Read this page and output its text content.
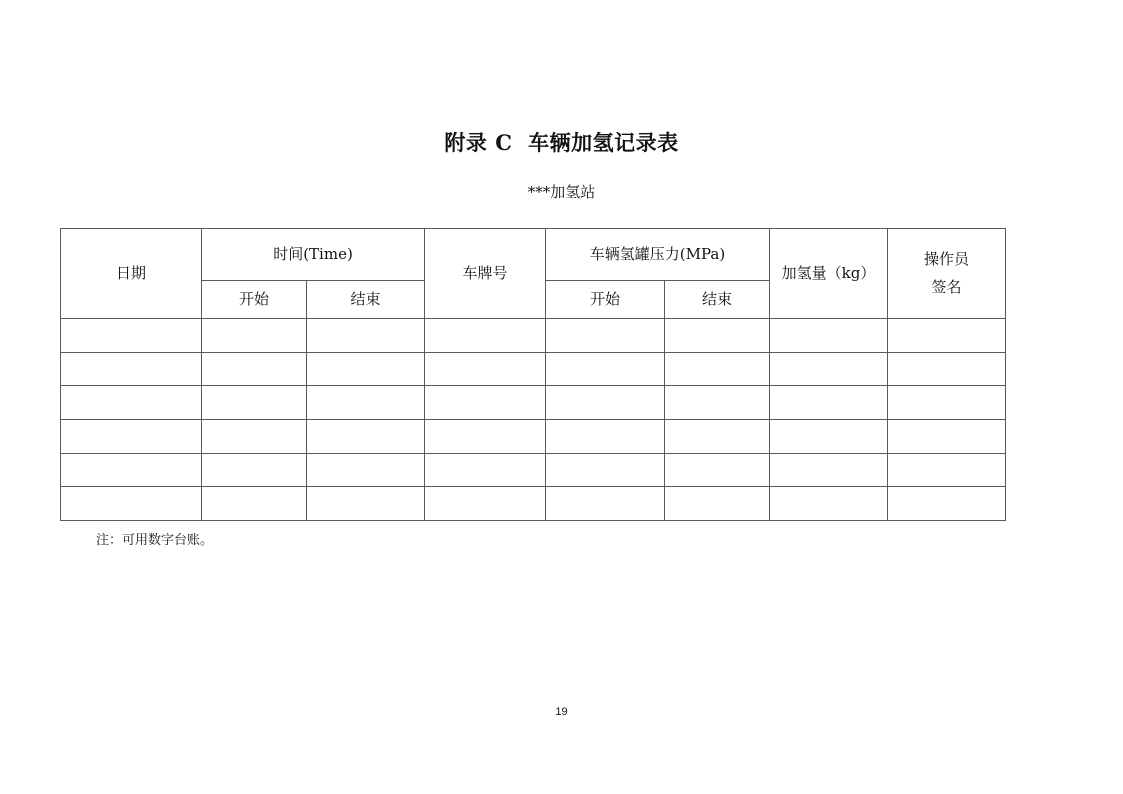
附录 C  车辆加氢记录表
***加氢站
日期	时间(Time)		车牌号	车辆氢罐压力(MPa)		加氢量（kg）	操作员
签名

	开始	结束		开始	结束		

注：可用数字台账。
19
